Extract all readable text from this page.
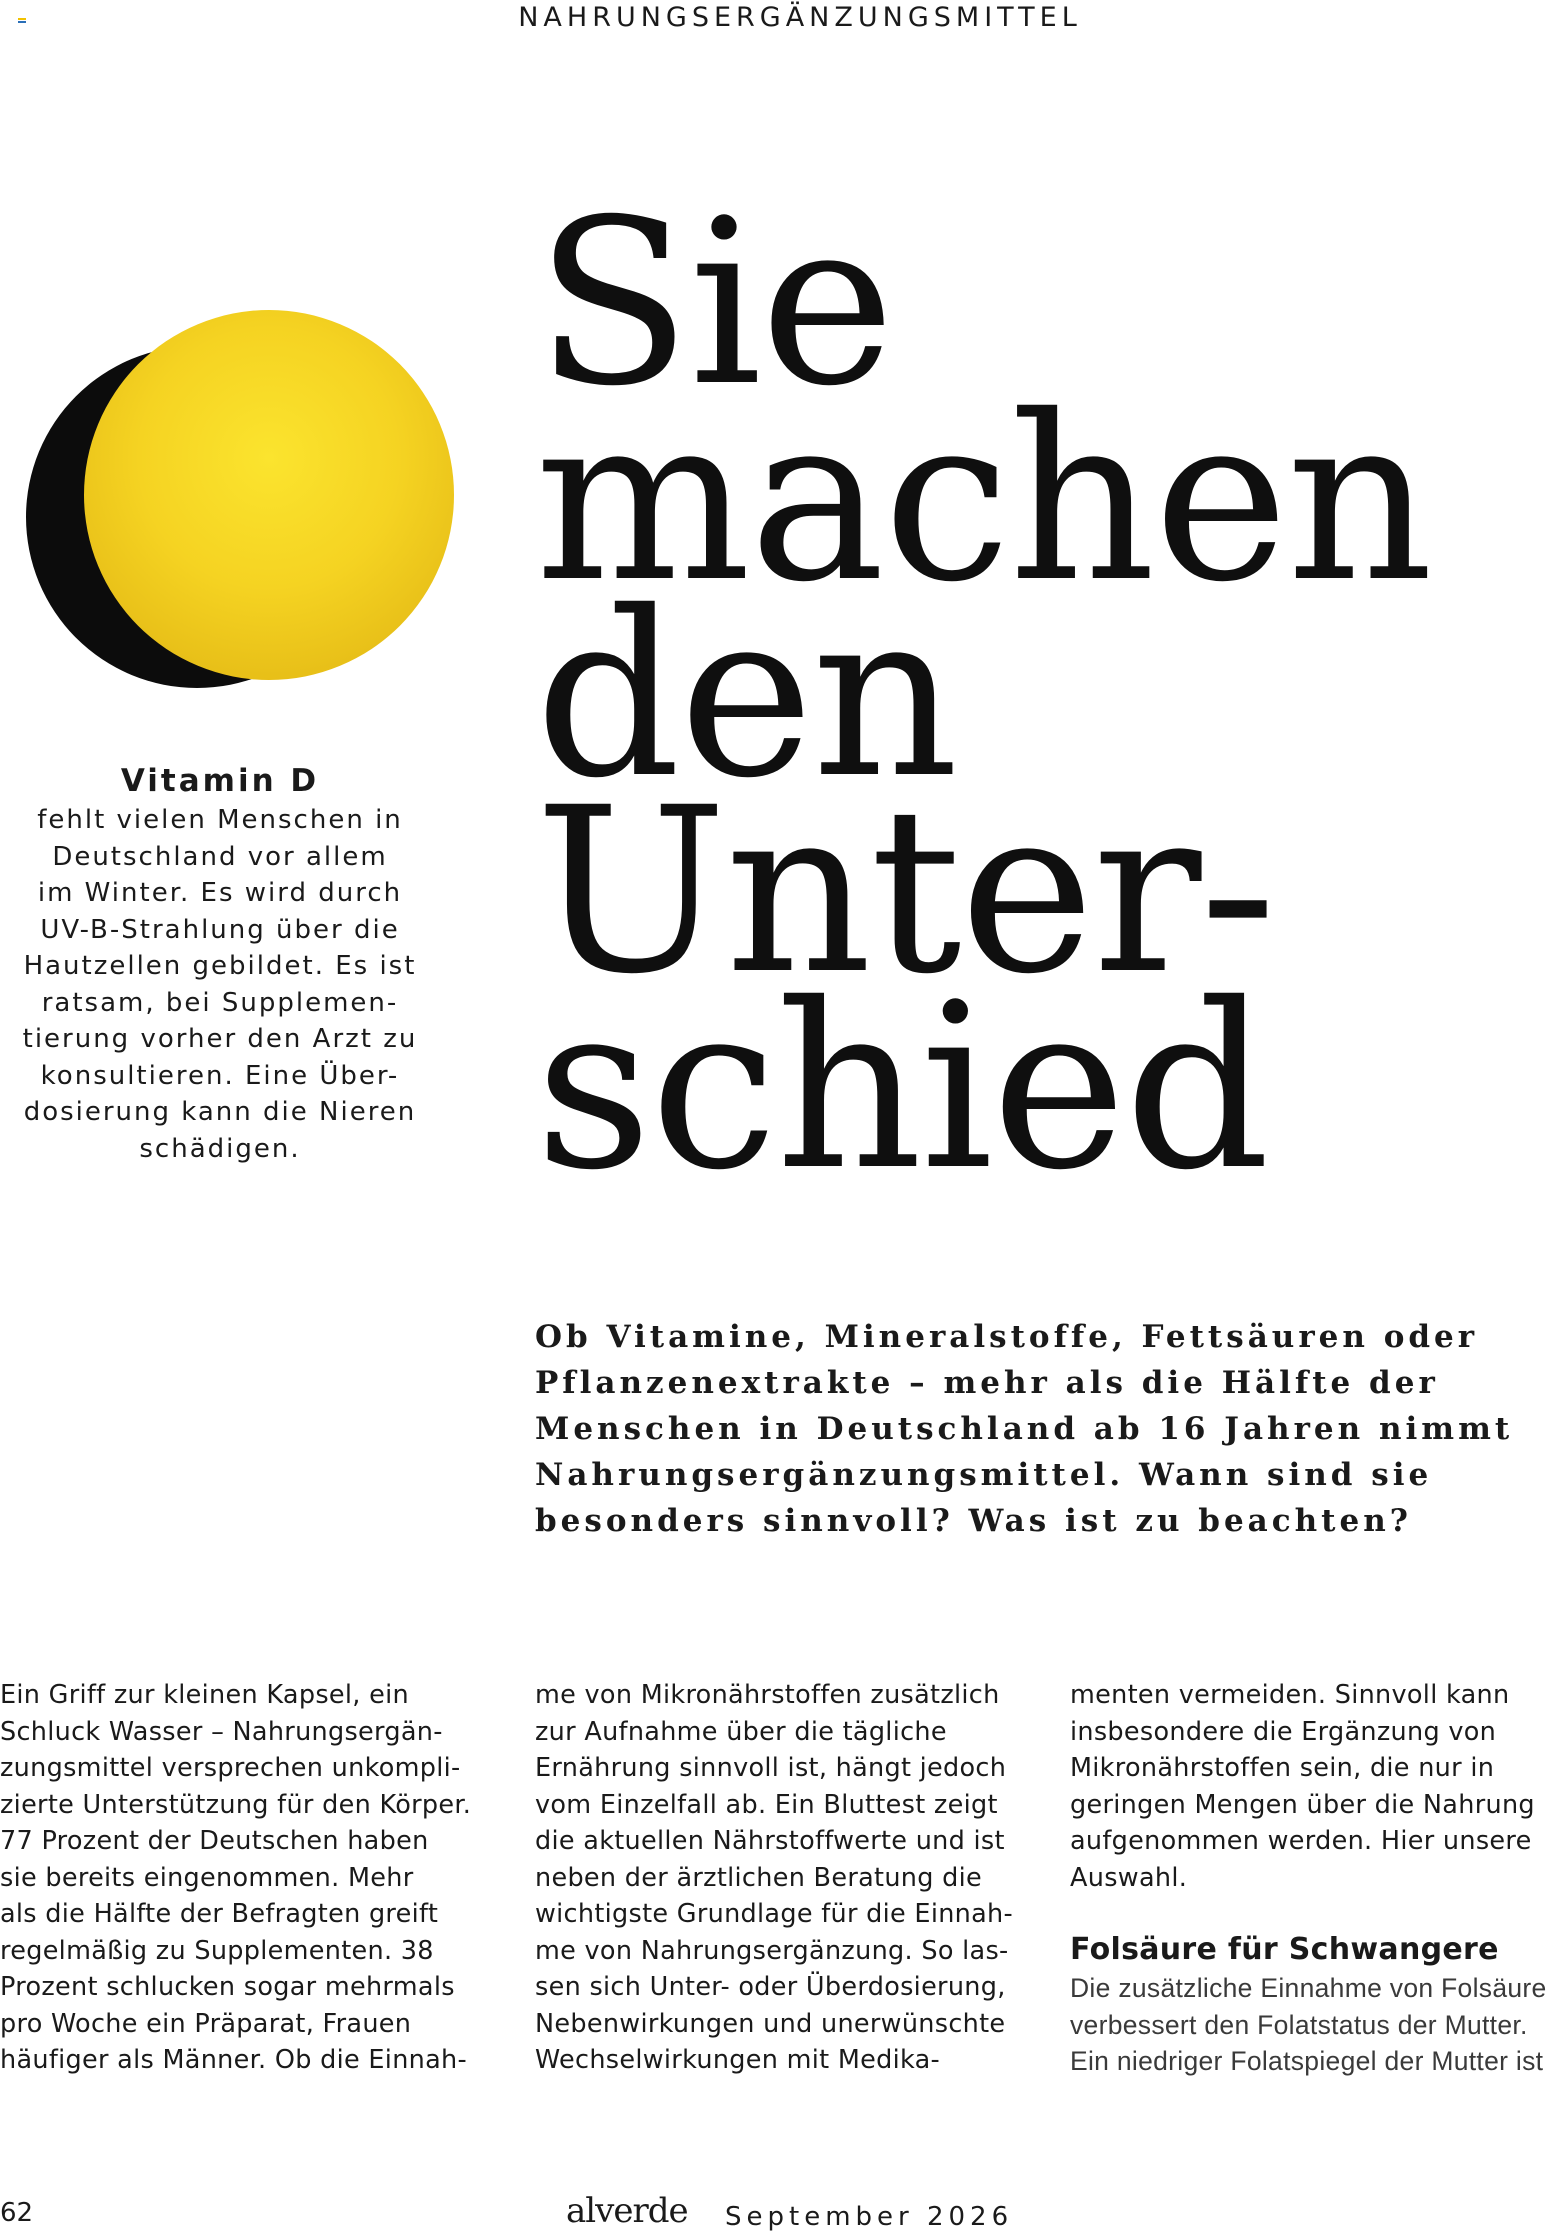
NAHRUNGSERGÄNZUNGSMITTEL
Vitamin D
fehlt vielen Menschen in
Deutschland vor allem
im Winter. Es wird durch
UV-B-Strahlung über die
Hautzellen gebildet. Es ist
ratsam, bei Supplemen-
tierung vorher den Arzt zu
konsultieren. Eine Über-
dosierung kann die Nieren
schädigen.
Sie
machen
den
Unter-
schied

Ob Vitamine, Mineralstoffe, Fettsäuren oder
Pflanzenextrakte – mehr als die Hälfte der
Menschen in Deutschland ab 16 Jahren nimmt
Nahrungsergänzungsmittel. Wann sind sie
besonders sinnvoll? Was ist zu beachten?

Ein Griff zur kleinen Kapsel, ein

Schluck Wasser – Nahrungsergän-

zungsmittel versprechen unkompli-

zierte Unterstützung für den Körper.

77 Prozent der Deutschen haben

sie bereits eingenommen. Mehr

als die Hälfte der Befragten greift

regelmäßig zu Supplementen. 38

Prozent schlucken sogar mehrmals

pro Woche ein Präparat, Frauen

häufiger als Männer. Ob die Einnah-

me von Mikronährstoffen zusätzlich

zur Aufnahme über die tägliche

Ernährung sinnvoll ist, hängt jedoch

vom Einzelfall ab. Ein Bluttest zeigt

die aktuellen Nährstoffwerte und ist

neben der ärztlichen Beratung die

wichtigste Grundlage für die Einnah-

me von Nahrungsergänzung. So las-

sen sich Unter- oder Überdosierung,

Nebenwirkungen und unerwünschte

Wechselwirkungen mit Medika-

menten vermeiden. Sinnvoll kann

insbesondere die Ergänzung von

Mikronährstoffen sein, die nur in

geringen Mengen über die Nahrung

aufgenommen werden. Hier unsere

Auswahl.

Folsäure für Schwangere

Die zusätzliche Einnahme von Folsäure

verbessert den Folatstatus der Mutter.

Ein niedriger Folatspiegel der Mutter ist

62	alverde September 2026
